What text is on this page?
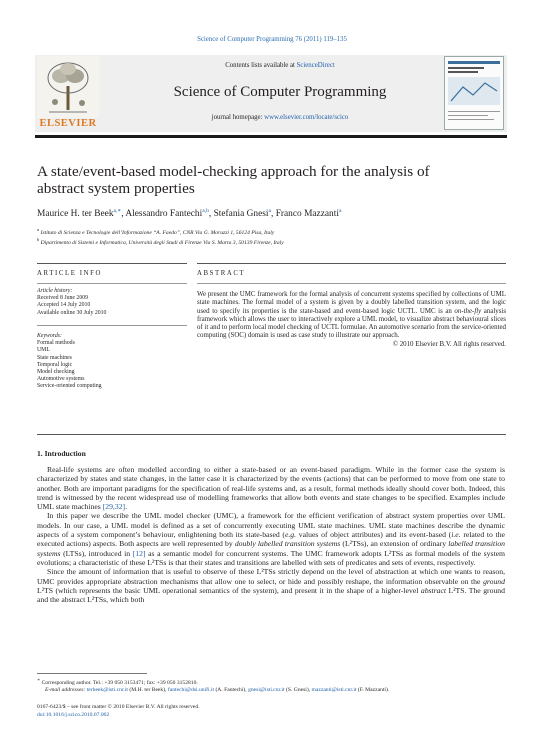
Science of Computer Programming 76 (2011) 119–135
ELSEVIER
Contents lists available at ScienceDirect
Science of Computer Programming
journal homepage: www.elsevier.com/locate/scico
A state/event-based model-checking approach for the analysis of
abstract system properties
Maurice H. ter Beek$^{a,∗}$, Alessandro Fantechi$^{a,b}$, Stefania Gnesi$^a$, Franco Mazzanti$^a$
$^a$ Istituto di Scienza e Tecnologie dell’Informazione “A. Faedo”, CNR Via G. Moruzzi 1, 56124 Pisa, Italy
$^b$ Dipartimento di Sistemi e Informatica, Università degli Studi di Firenze Via S. Marta 3, 50139 Firenze, Italy
ARTICLE INFO
Article history:
Received 8 June 2009
Accepted 14 July 2010
Available online 30 July 2010
Keywords:
Formal methods
UML
State machines
Temporal logic
Model checking
Automotive systems
Service-oriented computing
ABSTRACT
We present the UMC framework for the formal analysis of concurrent systems specified by collections of UML state machines. The formal model of a system is given by a doubly labelled transition system, and the logic used to specify its properties is the state-based and event-based logic UCTL. UMC is an on-the-fly analysis framework which allows the user to interactively explore a UML model, to visualize abstract behavioural slices of it and to perform local model checking of UCTL formulae. An automotive scenario from the service-oriented computing (SOC) domain is used as case study to illustrate our approach.
© 2010 Elsevier B.V. All rights reserved.
1. Introduction

Real-life systems are often modelled according to either a state-based or an event-based paradigm. While in the former case the system is characterized by states and state changes, in the latter case it is characterized by the events (actions) that can be performed to move from one state to another. Both are important paradigms for the specification of real-life systems and, as a result, formal methods ideally should cover both. Indeed, this trend is witnessed by the recent widespread use of modelling frameworks that allow both events and state changes to be specified. Examples include UML state machines [29,32].

In this paper we describe the UML model checker (UMC), a framework for the efficient verification of abstract system properties over UML models. In our case, a UML model is defined as a set of concurrently executing UML state machines. UML state machines describe the dynamic aspects of a system component’s behaviour, enlightening both its state-based (e.g. values of object attributes) and its event-based (i.e. related to the executed actions) aspects. Both aspects are well represented by doubly labelled transition systems (L²TSs), an extension of ordinary labelled transition systems (LTSs), introduced in [12] as a semantic model for concurrent systems. The UMC framework adopts L²TSs as formal models of the system evolutions; a characteristic of these L²TSs is that their states and transitions are labelled with sets of predicates and sets of events, respectively.

Since the amount of information that is useful to observe of these L²TSs strictly depend on the level of abstraction at which one wants to reason, UMC provides appropriate abstraction mechanisms that allow one to select, or hide and possibly reshape, the information observable on the ground L²TS (which represents the basic UML operational semantics of the system), and present it in the shape of a higher-level abstract L²TS. The ground and the abstract L²TSs, which both

∗ Corresponding author. Tel.: +39 050 3153471; fax: +39 050 3152810.
E-mail addresses: terbeek@isti.cnr.it (M.H. ter Beek), fantechi@dsi.unifi.it (A. Fantechi), gnesi@isti.cnr.it (S. Gnesi), mazzanti@isti.cnr.it (F. Mazzanti).
0167-6423/$ – see front matter © 2010 Elsevier B.V. All rights reserved.
doi:10.1016/j.scico.2010.07.002
